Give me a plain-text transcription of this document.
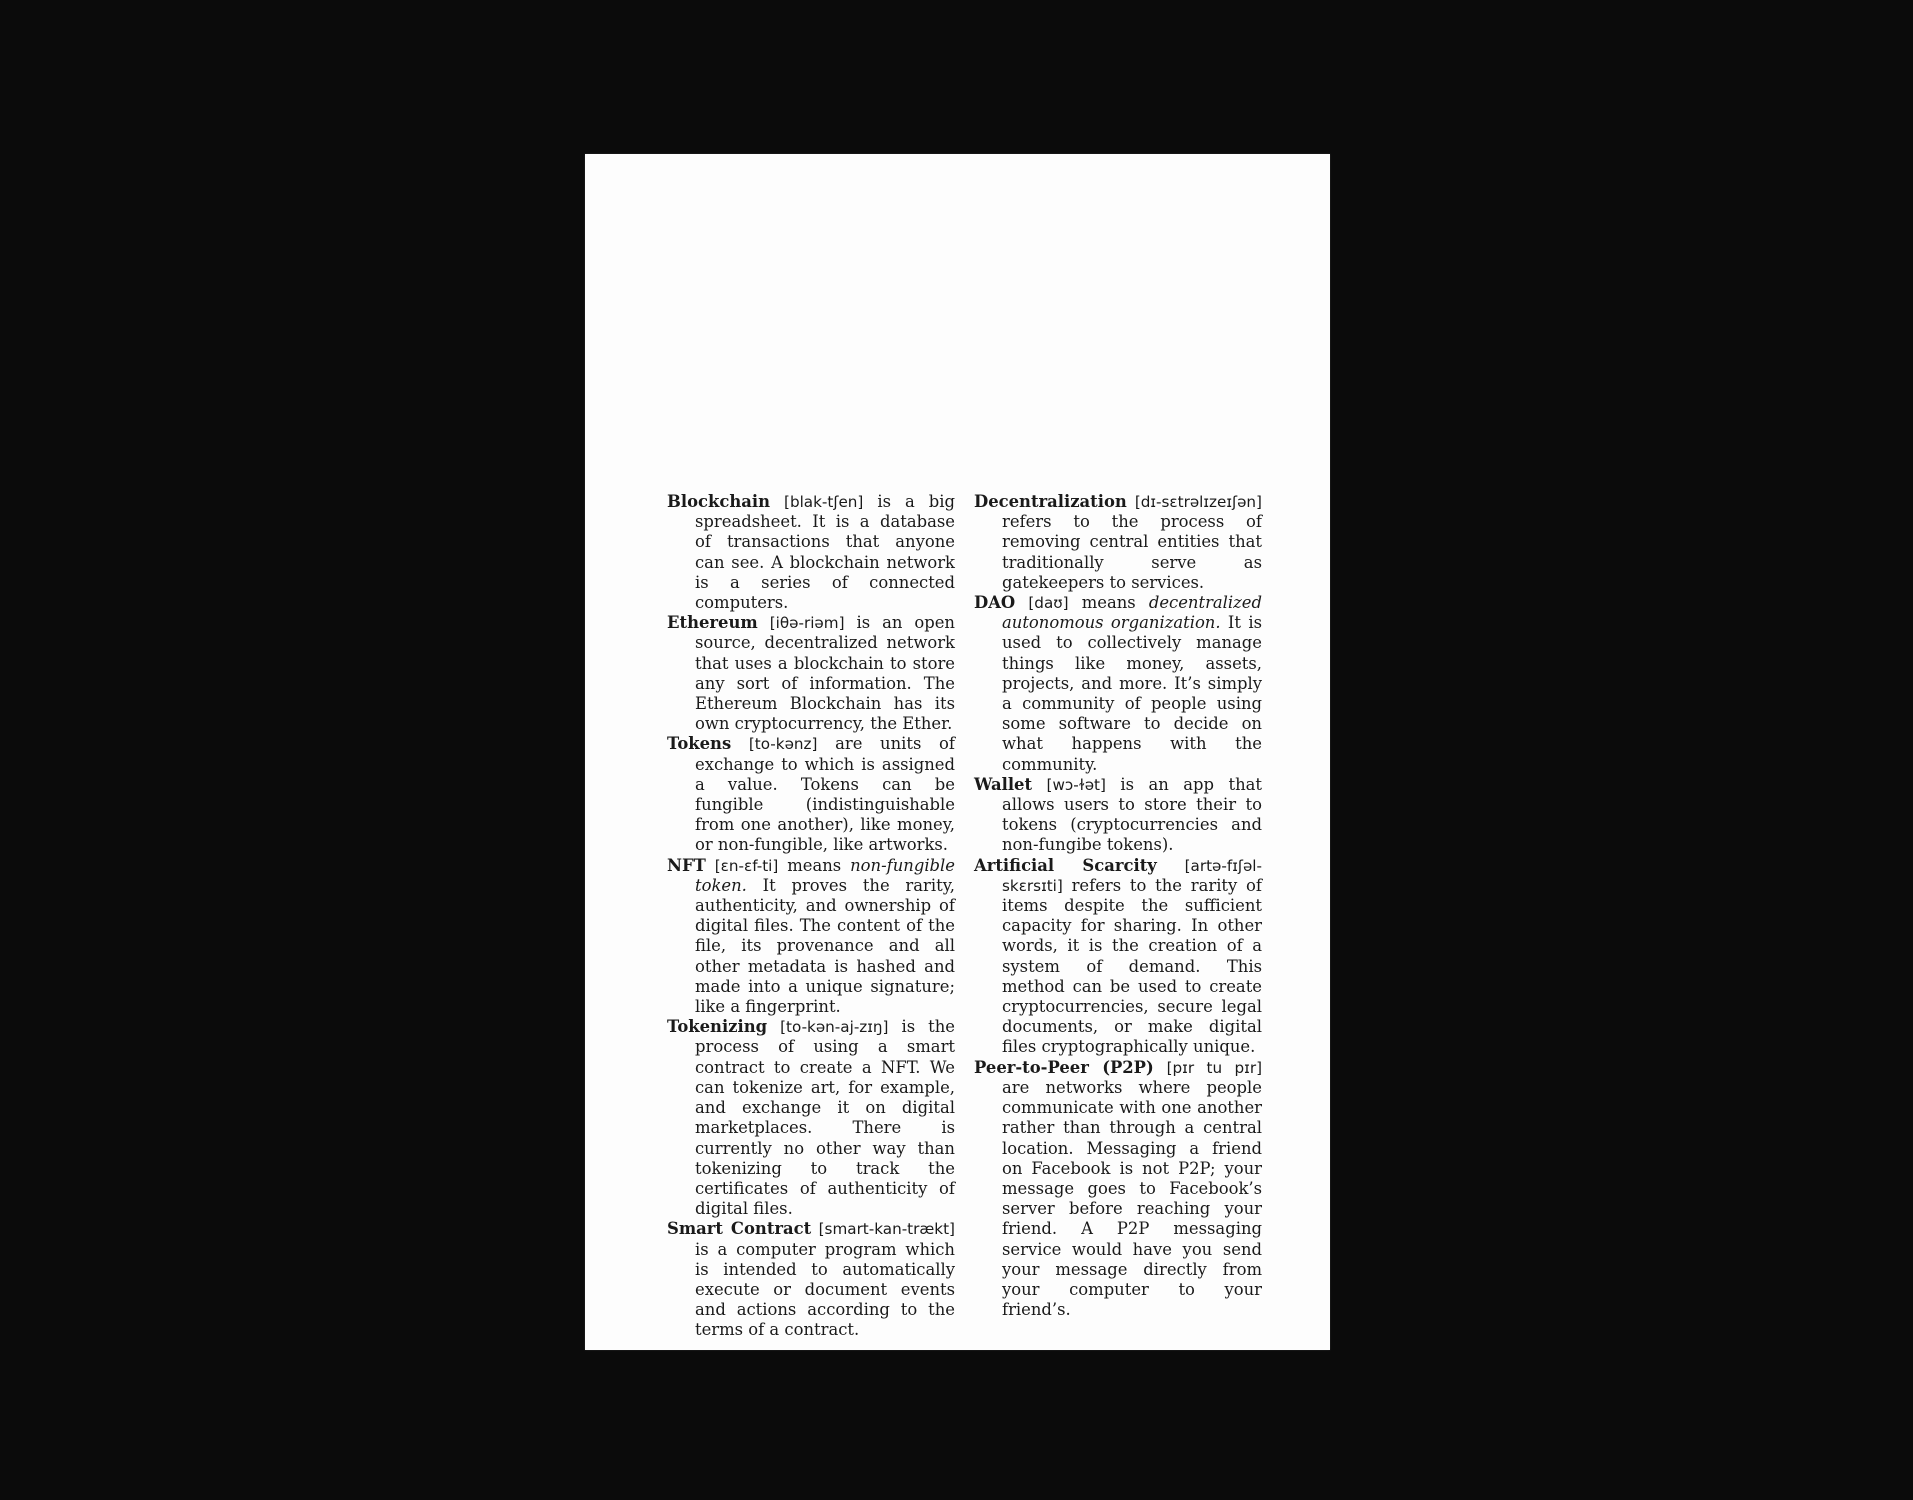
Blockchain [blak-tʃen] is a big spreadsheet. It is a database of transactions that anyone can see. A blockchain network is a series of connected computers.

Ethereum [iθə-riəm] is an open source, decentralized network that uses a blockchain to store any sort of information. The Ethereum Blockchain has its own cryptocurrency, the Ether.

Tokens [to-kənz] are units of exchange to which is assigned a value. Tokens can be fungible (indistinguishable from one another), like money, or non-fungible, like artworks.

NFT [ɛn-ɛf-ti] means non-fungible token. It proves the rarity, authenticity, and ownership of digital files. The content of the file, its provenance and all other metadata is hashed and made into a unique signature; like a fingerprint.

Tokenizing [to-kən-aj-zɪŋ] is the process of using a smart contract to create a NFT. We can tokenize art, for example, and exchange it on digital marketplaces. There is currently no other way than tokenizing to track the certificates of authenticity of digital files.

Smart Contract [smart-kan-trækt] is a computer program which is intended to automatically execute or document events and actions according to the terms of a contract.

Decentralization [dɪ-sɛtrəlɪzeɪʃən] refers to the process of removing central entities that traditionally serve as gatekeepers to services.

DAO [daʊ] means decentralized autonomous organization. It is used to collectively manage things like money, assets, projects, and more. It’s simply a community of people using some software to decide on what happens with the community.

Wallet [wɔ-ɫət] is an app that allows users to store their to tokens (cryptocurrencies and non-fungibe tokens).

Artificial Scarcity [artə-fɪʃəl-skɛrsɪti] refers to the rarity of items despite the sufficient capacity for sharing. In other words, it is the creation of a system of demand. This method can be used to create cryptocurrencies, secure legal documents, or make digital files cryptographically unique.

Peer-to-Peer (P2P) [pɪr tu pɪr] are networks where people communicate with one another rather than through a central location. Messaging a friend on Facebook is not P2P; your message goes to Facebook’s server before reaching your friend. A P2P messaging service would have you send your message directly from your computer to your friend’s.
